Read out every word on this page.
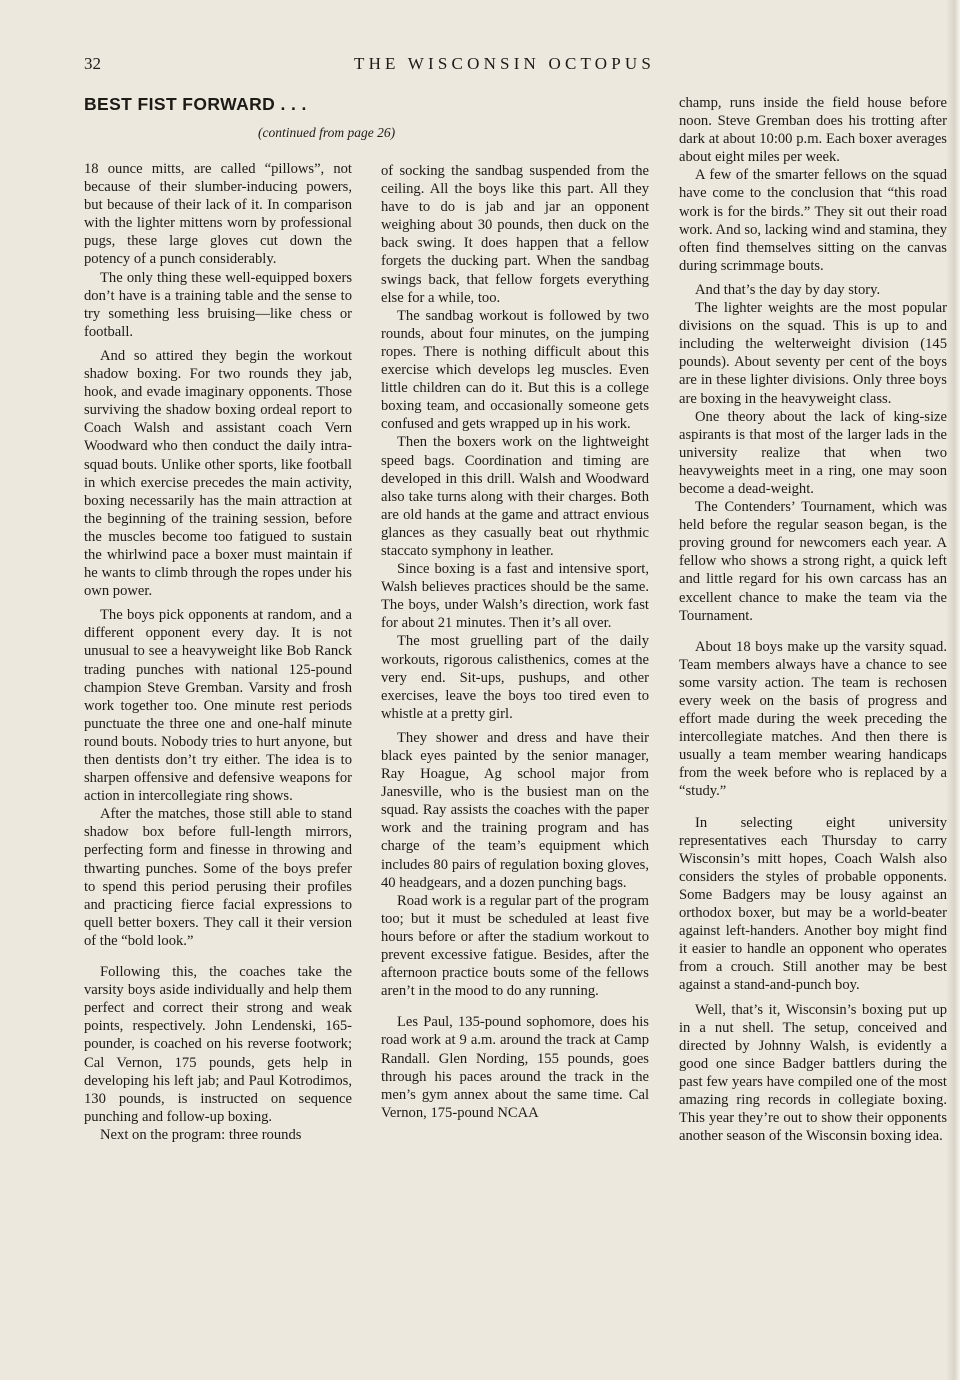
32	THE WISCONSIN OCTOPUS
BEST FIST FORWARD . . .
(continued from page 26)

18 ounce mitts, are called “pillows”, not because of their slumber-inducing powers, but because of their lack of it. In comparison with the lighter mittens worn by professional pugs, these large gloves cut down the potency of a punch considerably.

The only thing these well-equipped boxers don’t have is a training table and the sense to try something less bruising—like chess or football.

And so attired they begin the workout shadow boxing. For two rounds they jab, hook, and evade imaginary opponents. Those surviving the shadow boxing ordeal report to Coach Walsh and assistant coach Vern Woodward who then conduct the daily intra-squad bouts. Unlike other sports, like football in which exercise precedes the main activity, boxing necessarily has the main attraction at the beginning of the training session, before the muscles become too fatigued to sustain the whirlwind pace a boxer must maintain if he wants to climb through the ropes under his own power.

The boys pick opponents at random, and a different opponent every day. It is not unusual to see a heavyweight like Bob Ranck trading punches with national 125-pound champion Steve Gremban. Varsity and frosh work together too. One minute rest periods punctuate the three one and one-half minute round bouts. Nobody tries to hurt anyone, but then dentists don’t try either. The idea is to sharpen offensive and defensive weapons for action in intercollegiate ring shows.

After the matches, those still able to stand shadow box before full-length mirrors, perfecting form and finesse in throwing and thwarting punches. Some of the boys prefer to spend this period perusing their profiles and practicing fierce facial expressions to quell better boxers. They call it their version of the “bold look.”

Following this, the coaches take the varsity boys aside individually and help them perfect and correct their strong and weak points, respectively. John Lendenski, 165-pounder, is coached on his reverse footwork; Cal Vernon, 175 pounds, gets help in developing his left jab; and Paul Kotrodimos, 130 pounds, is instructed on sequence punching and follow-up boxing.

Next on the program: three rounds

of socking the sandbag suspended from the ceiling. All the boys like this part. All they have to do is jab and jar an opponent weighing about 30 pounds, then duck on the back swing. It does happen that a fellow forgets the ducking part. When the sandbag swings back, that fellow forgets everything else for a while, too.

The sandbag workout is followed by two rounds, about four minutes, on the jumping ropes. There is nothing difficult about this exercise which develops leg muscles. Even little children can do it. But this is a college boxing team, and occasionally someone gets confused and gets wrapped up in his work.

Then the boxers work on the lightweight speed bags. Coordination and timing are developed in this drill. Walsh and Woodward also take turns along with their charges. Both are old hands at the game and attract envious glances as they casually beat out rhythmic staccato symphony in leather.

Since boxing is a fast and intensive sport, Walsh believes practices should be the same. The boys, under Walsh’s direction, work fast for about 21 minutes. Then it’s all over.

The most gruelling part of the daily workouts, rigorous calisthenics, comes at the very end. Sit-ups, pushups, and other exercises, leave the boys too tired even to whistle at a pretty girl.

They shower and dress and have their black eyes painted by the senior manager, Ray Hoague, Ag school major from Janesville, who is the busiest man on the squad. Ray assists the coaches with the paper work and the training program and has charge of the team’s equipment which includes 80 pairs of regulation boxing gloves, 40 headgears, and a dozen punching bags.

Road work is a regular part of the program too; but it must be scheduled at least five hours before or after the stadium workout to prevent excessive fatigue. Besides, after the afternoon practice bouts some of the fellows aren’t in the mood to do any running.

Les Paul, 135-pound sophomore, does his road work at 9 a.m. around the track at Camp Randall. Glen Nording, 155 pounds, goes through his paces around the track in the men’s gym annex about the same time. Cal Vernon, 175-pound NCAA

champ, runs inside the field house before noon. Steve Gremban does his trotting after dark at about 10:00 p.m. Each boxer averages about eight miles per week.

A few of the smarter fellows on the squad have come to the conclusion that “this road work is for the birds.” They sit out their road work. And so, lacking wind and stamina, they often find themselves sitting on the canvas during scrimmage bouts.

And that’s the day by day story.

The lighter weights are the most popular divisions on the squad. This is up to and including the welterweight division (145 pounds). About seventy per cent of the boys are in these lighter divisions. Only three boys are boxing in the heavyweight class.

One theory about the lack of king-size aspirants is that most of the larger lads in the university realize that when two heavyweights meet in a ring, one may soon become a dead-weight.

The Contenders’ Tournament, which was held before the regular season began, is the proving ground for newcomers each year. A fellow who shows a strong right, a quick left and little regard for his own carcass has an excellent chance to make the team via the Tournament.

About 18 boys make up the varsity squad. Team members always have a chance to see some varsity action. The team is rechosen every week on the basis of progress and effort made during the week preceding the intercollegiate matches. And then there is usually a team member wearing handicaps from the week before who is replaced by a “study.”

In selecting eight university representatives each Thursday to carry Wisconsin’s mitt hopes, Coach Walsh also considers the styles of probable opponents. Some Badgers may be lousy against an orthodox boxer, but may be a world-beater against left-handers. Another boy might find it easier to handle an opponent who operates from a crouch. Still another may be best against a stand-and-punch boy.

Well, that’s it, Wisconsin’s boxing put up in a nut shell. The setup, conceived and directed by Johnny Walsh, is evidently a good one since Badger battlers during the past few years have compiled one of the most amazing ring records in collegiate boxing. This year they’re out to show their opponents another season of the Wisconsin boxing idea.
